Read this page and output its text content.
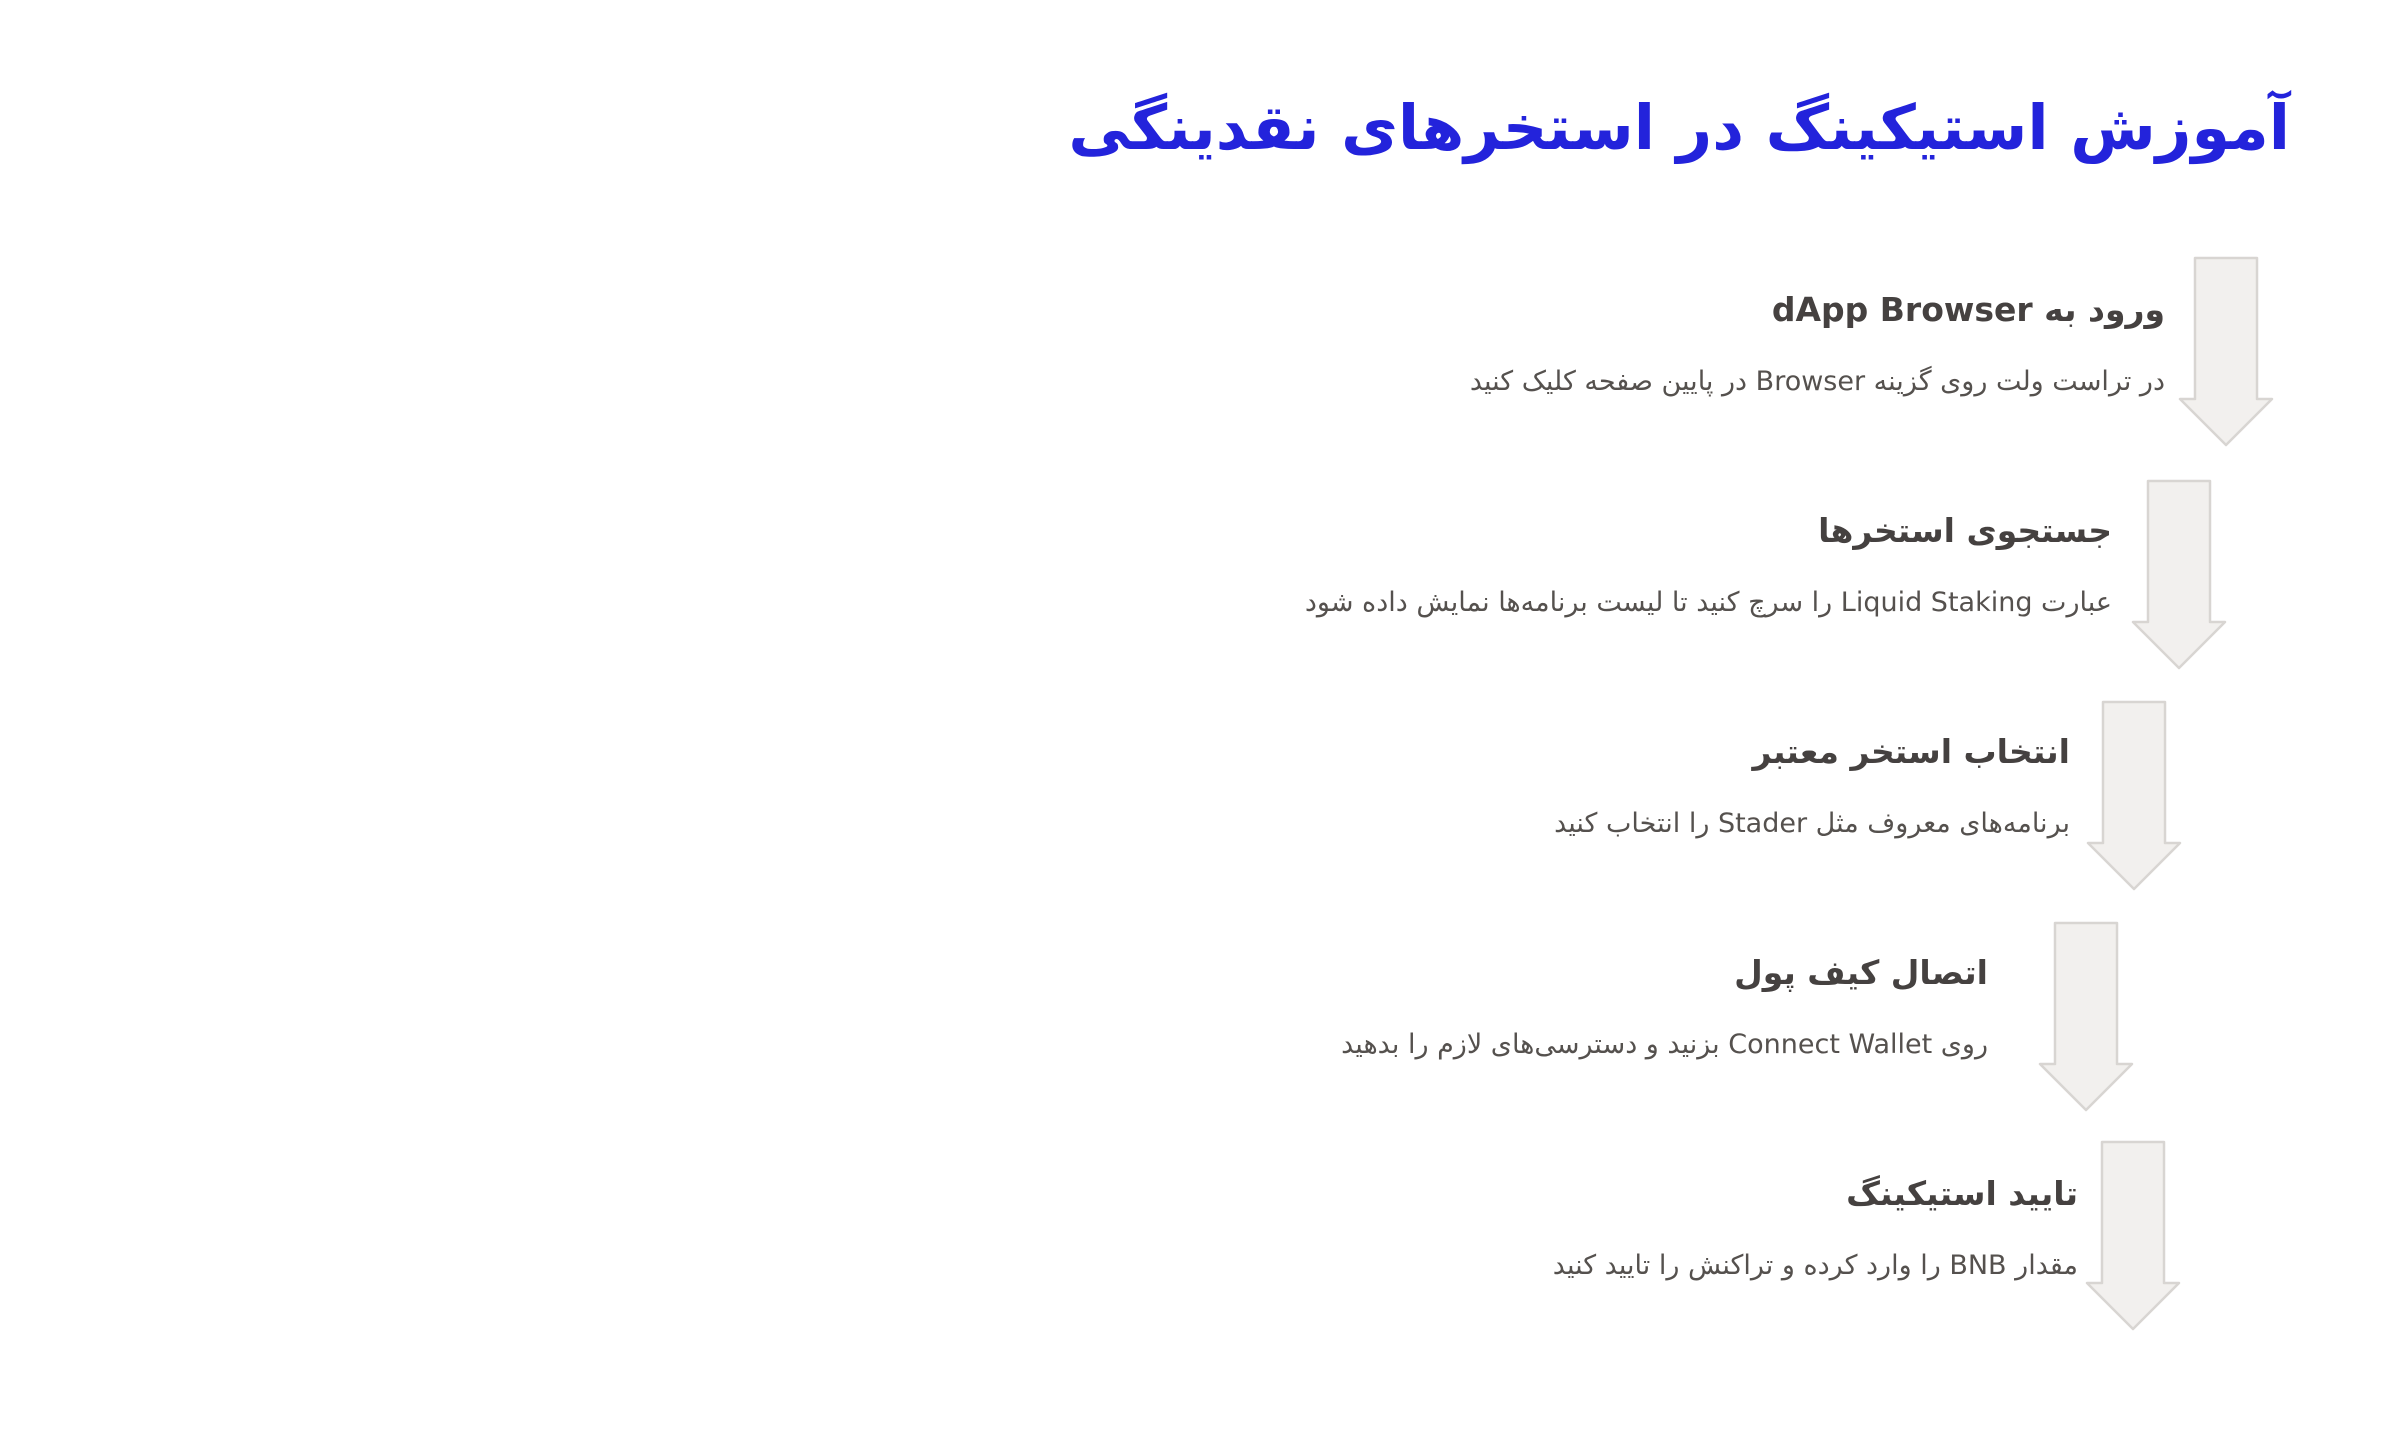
آموزش استیکینگ در استخرهای نقدینگی
ورود به dApp Browser
در تراست ولت روی گزینه Browser در پایین صفحه کلیک کنید
جستجوی استخرها
عبارت Liquid Staking را سرچ کنید تا لیست برنامه‌ها نمایش داده شود
انتخاب استخر معتبر
برنامه‌های معروف مثل Stader را انتخاب کنید
اتصال کیف پول
روی Connect Wallet بزنید و دسترسی‌های لازم را بدهید
تایید استیکینگ
مقدار BNB را وارد کرده و تراکنش را تایید کنید
